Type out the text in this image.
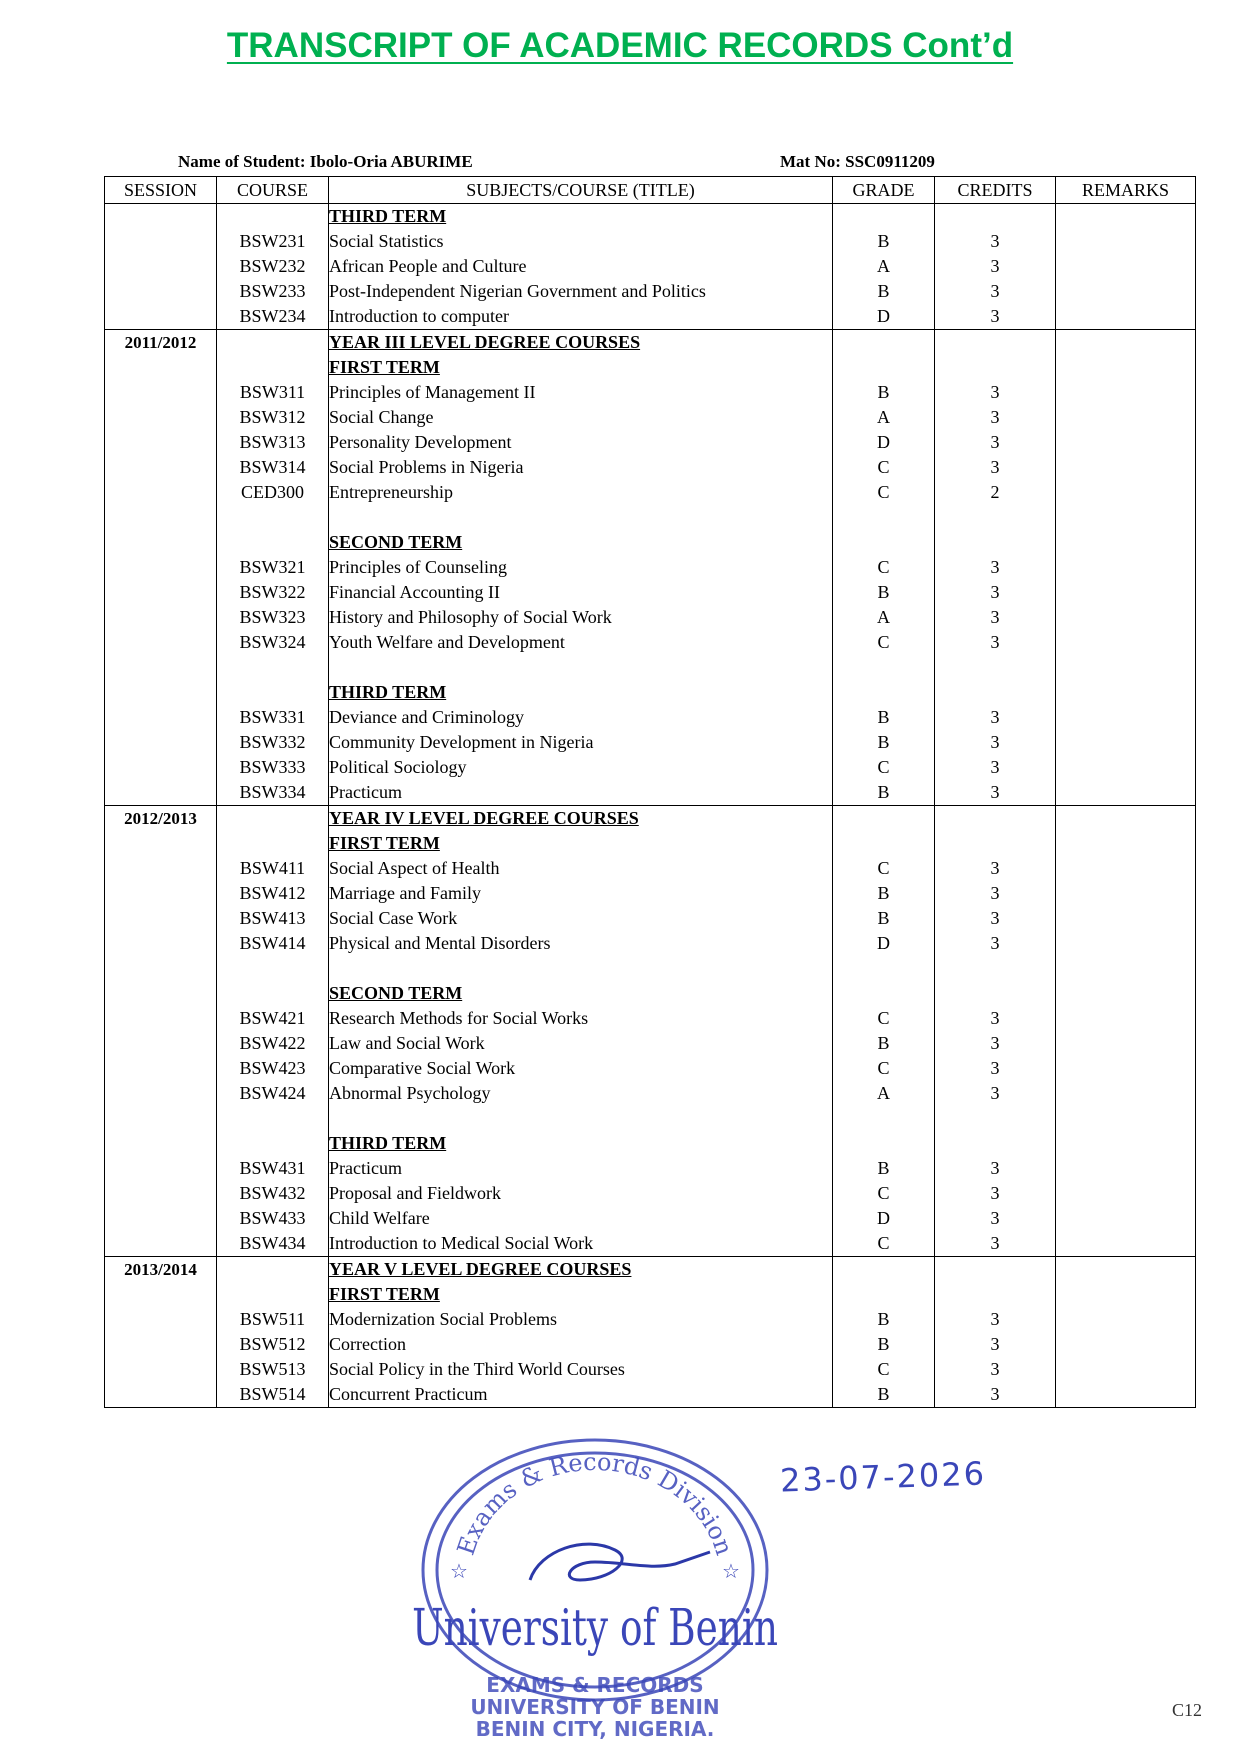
TRANSCRIPT OF ACADEMIC RECORDS Cont’d
Name of Student: Ibolo-Oria ABURIME	Mat No: SSC0911209
SESSION	COURSE	SUBJECTS/COURSE (TITLE)	GRADE	CREDITS	REMARKS
		THIRD TERM			
	BSW231	Social Statistics	B	3	
	BSW232	African People and Culture	A	3	
	BSW233	Post-Independent Nigerian Government and Politics	B	3	
	BSW234	Introduction to computer	D	3	
2011/2012		YEAR III LEVEL DEGREE COURSES			
		FIRST TERM			
	BSW311	Principles of Management II	B	3	
	BSW312	Social Change	A	3	
	BSW313	Personality Development	D	3	
	BSW314	Social Problems in Nigeria	C	3	
	CED300	Entrepreneurship	C	2	

		SECOND TERM			
	BSW321	Principles of Counseling	C	3	
	BSW322	Financial Accounting II	B	3	
	BSW323	History and Philosophy of Social Work	A	3	
	BSW324	Youth Welfare and Development	C	3	

		THIRD TERM			
	BSW331	Deviance and Criminology	B	3	
	BSW332	Community Development in Nigeria	B	3	
	BSW333	Political Sociology	C	3	
	BSW334	Practicum	B	3	
2012/2013		YEAR IV LEVEL DEGREE COURSES			
		FIRST TERM			
	BSW411	Social Aspect of Health	C	3	
	BSW412	Marriage and Family	B	3	
	BSW413	Social Case Work	B	3	
	BSW414	Physical and Mental Disorders	D	3	

		SECOND TERM			
	BSW421	Research Methods for Social Works	C	3	
	BSW422	Law and Social Work	B	3	
	BSW423	Comparative Social Work	C	3	
	BSW424	Abnormal Psychology	A	3	

		THIRD TERM			
	BSW431	Practicum	B	3	
	BSW432	Proposal and Fieldwork	C	3	
	BSW433	Child Welfare	D	3	
	BSW434	Introduction to Medical Social Work	C	3	
2013/2014		YEAR V LEVEL DEGREE COURSES			
		FIRST TERM			
	BSW511	Modernization Social Problems	B	3	
	BSW512	Correction	B	3	
	BSW513	Social Policy in the Third World Courses	C	3	
	BSW514	Concurrent Practicum	B	3	
Exams & Records Division
☆	☆
University of Benin
EXAMS & RECORDS
UNIVERSITY OF BENIN
BENIN CITY, NIGERIA.
23-07-2026
C12
